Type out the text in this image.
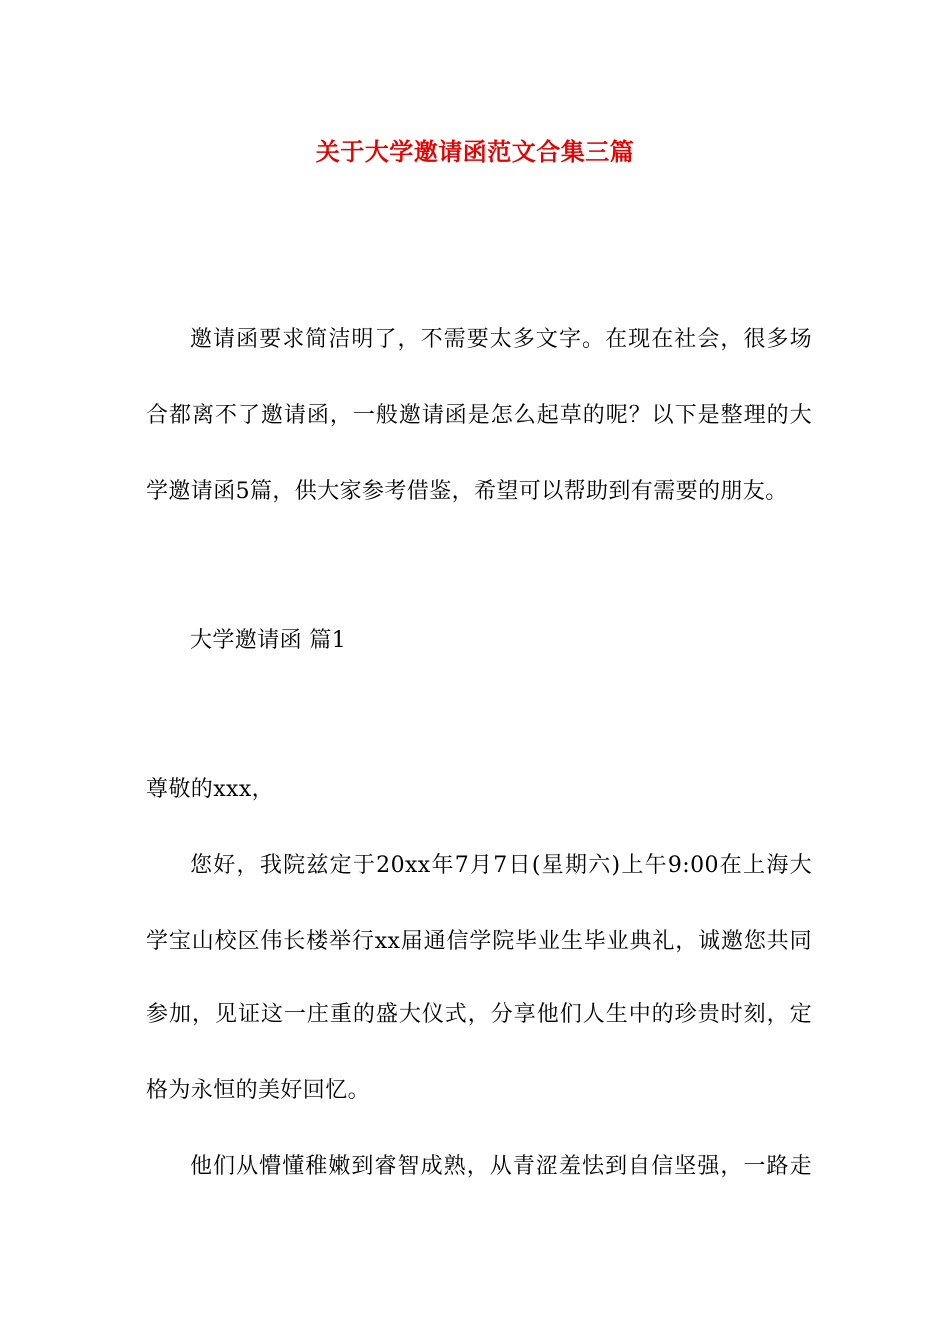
关于大学邀请函范文合集三篇
邀请函要求简洁明了，不需要太多文字。在现在社会，很多场
合都离不了邀请函，一般邀请函是怎么起草的呢？以下是整理的大
学邀请函5篇，供大家参考借鉴，希望可以帮助到有需要的朋友。
大学邀请函 篇1
尊敬的xxx，
您好，我院兹定于20xx年7月7日(星期六)上午9:00在上海大
学宝山校区伟长楼举行xx届通信学院毕业生毕业典礼，诚邀您共同
参加，见证这一庄重的盛大仪式，分享他们人生中的珍贵时刻，定
格为永恒的美好回忆。
他们从懵懂稚嫩到睿智成熟，从青涩羞怯到自信坚强，一路走
